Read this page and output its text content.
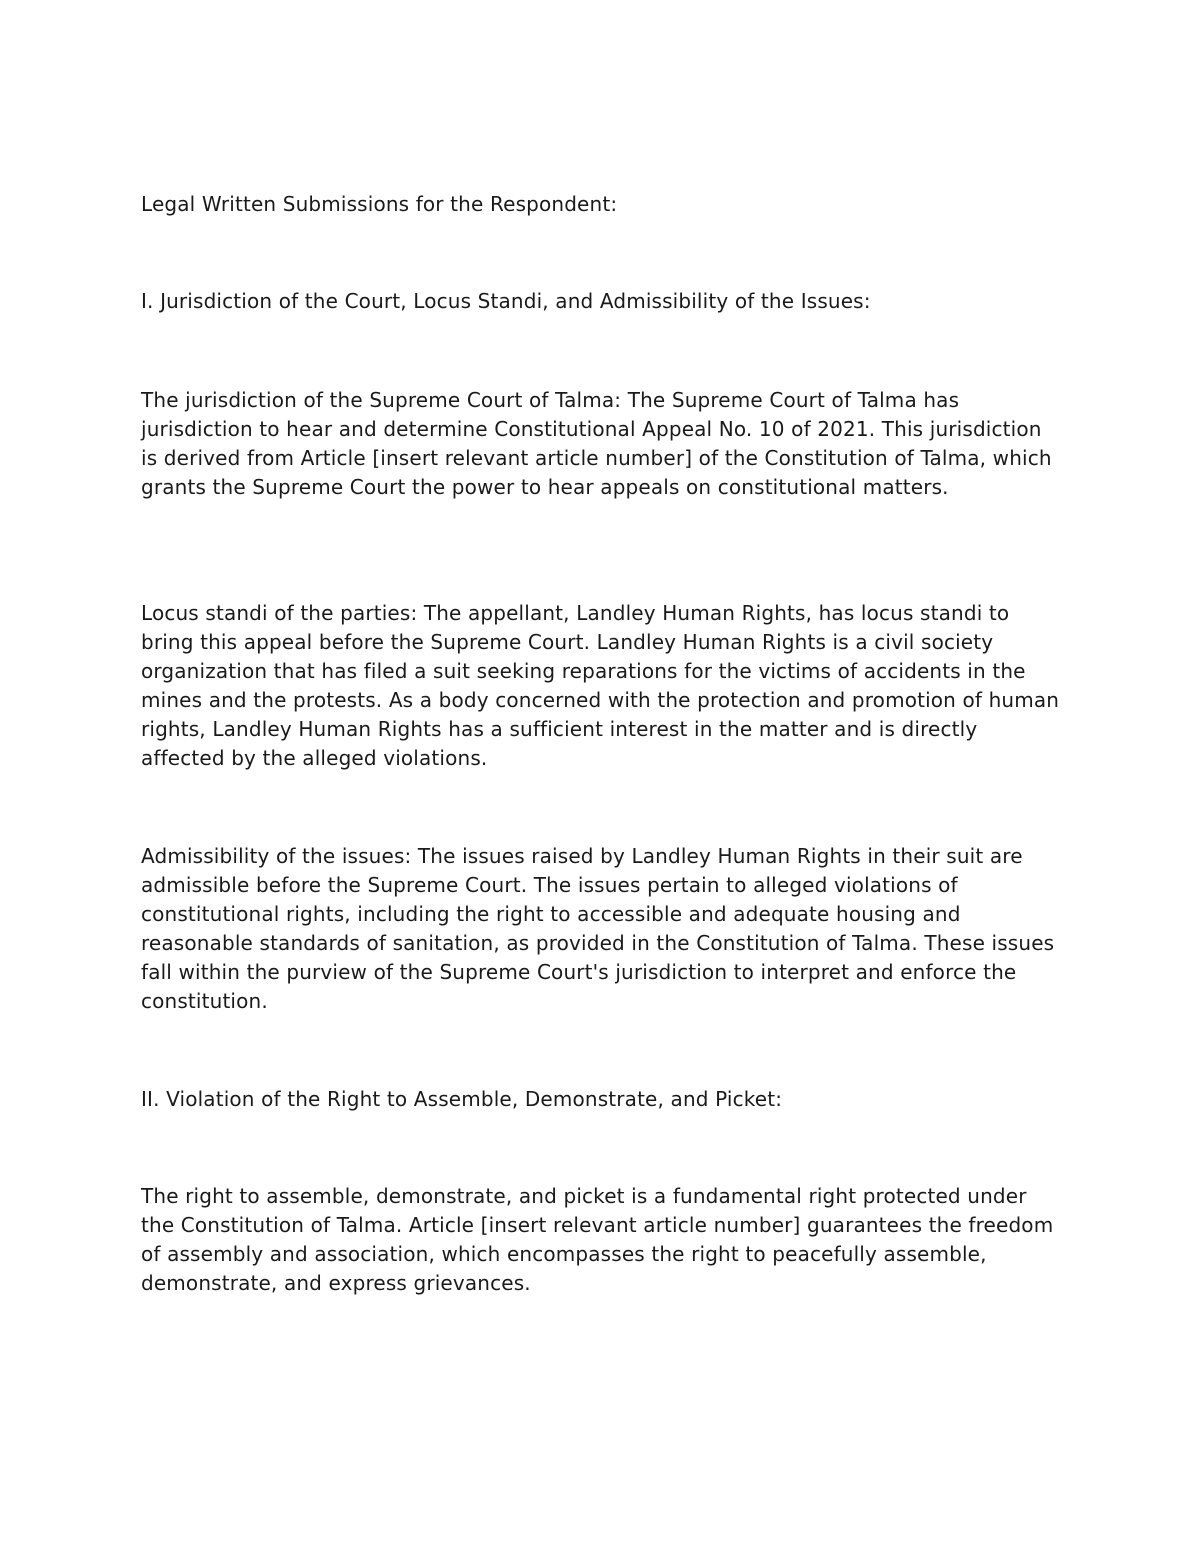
Legal Written Submissions for the Respondent:

I. Jurisdiction of the Court, Locus Standi, and Admissibility of the Issues:

The jurisdiction of the Supreme Court of Talma: The Supreme Court of Talma has jurisdiction to hear and determine Constitutional Appeal No. 10 of 2021. This jurisdiction is derived from Article [insert relevant article number] of the Constitution of Talma, which grants the Supreme Court the power to hear appeals on constitutional matters.

Locus standi of the parties: The appellant, Landley Human Rights, has locus standi to bring this appeal before the Supreme Court. Landley Human Rights is a civil society organization that has filed a suit seeking reparations for the victims of accidents in the mines and the protests. As a body concerned with the protection and promotion of human rights, Landley Human Rights has a sufficient interest in the matter and is directly affected by the alleged violations.

Admissibility of the issues: The issues raised by Landley Human Rights in their suit are admissible before the Supreme Court. The issues pertain to alleged violations of constitutional rights, including the right to accessible and adequate housing and reasonable standards of sanitation, as provided in the Constitution of Talma. These issues fall within the purview of the Supreme Court's jurisdiction to interpret and enforce the constitution.

II. Violation of the Right to Assemble, Demonstrate, and Picket:

The right to assemble, demonstrate, and picket is a fundamental right protected under the Constitution of Talma. Article [insert relevant article number] guarantees the freedom of assembly and association, which encompasses the right to peacefully assemble, demonstrate, and express grievances.
